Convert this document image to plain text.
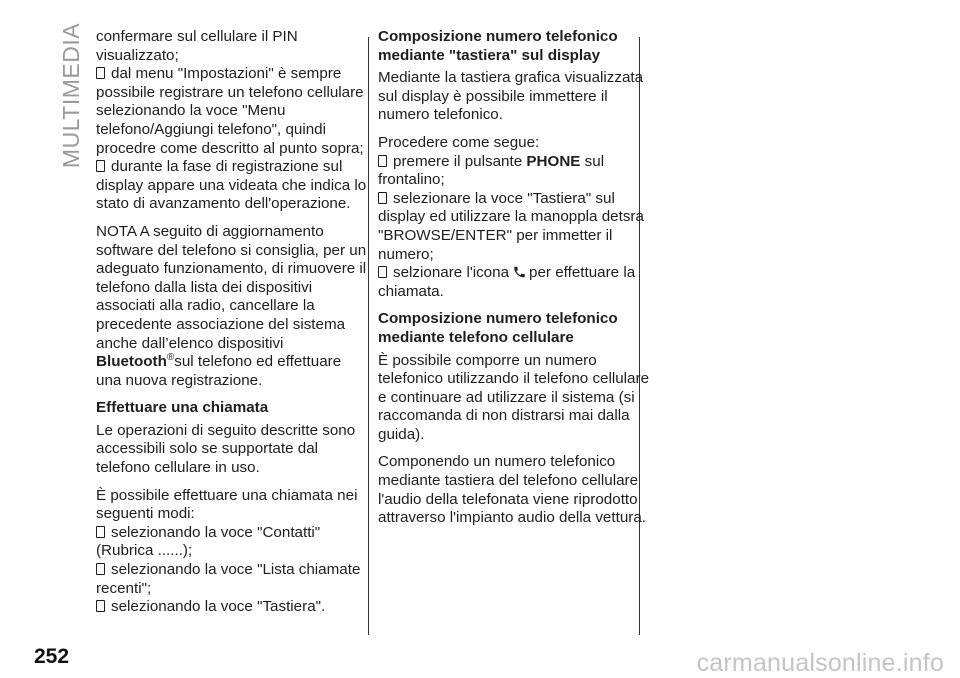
MULTIMEDIA confermare sul cellulare il PIN visualizzato;

dal menu "Impostazioni" è sempre possibile registrare un telefono cellulare selezionando la voce "Menu telefono/Aggiungi telefono", quindi procedre come descritto al punto sopra;

durante la fase di registrazione sul display appare una videata che indica lo stato di avanzamento dell'operazione.

NOTA A seguito di aggiornamento software del telefono si consiglia, per un adeguato funzionamento, di rimuovere il telefono dalla lista dei dispositivi associati alla radio, cancellare la precedente associazione del sistema anche dall’elenco dispositivi Bluetooth®sul telefono ed effettuare una nuova registrazione.

Effettuare una chiamata

Le operazioni di seguito descritte sono accessibili solo se supportate dal telefono cellulare in uso.

È possibile effettuare una chiamata nei seguenti modi:

selezionando la voce "Contatti" (Rubrica ......);

selezionando la voce "Lista chiamate recenti";

selezionando la voce "Tastiera".

Composizione numero telefonico mediante "tastiera" sul display

Mediante la tastiera grafica visualizzata sul display è possibile immettere il numero telefonico.

Procedere come segue:

premere il pulsante PHONE sul frontalino;

selezionare la voce "Tastiera" sul display ed utilizzare la manoppla detsra "BROWSE/ENTER" per immetter il numero;

selzionare l'icona per effettuare la chiamata.

Composizione numero telefonico mediante telefono cellulare

È possibile comporre un numero telefonico utilizzando il telefono cellulare e continuare ad utilizzare il sistema (si raccomanda di non distrarsi mai dalla guida).

Componendo un numero telefonico mediante tastiera del telefono cellulare l'audio della telefonata viene riprodotto attraverso l'impianto audio della vettura.

252	carmanualsonline.info
